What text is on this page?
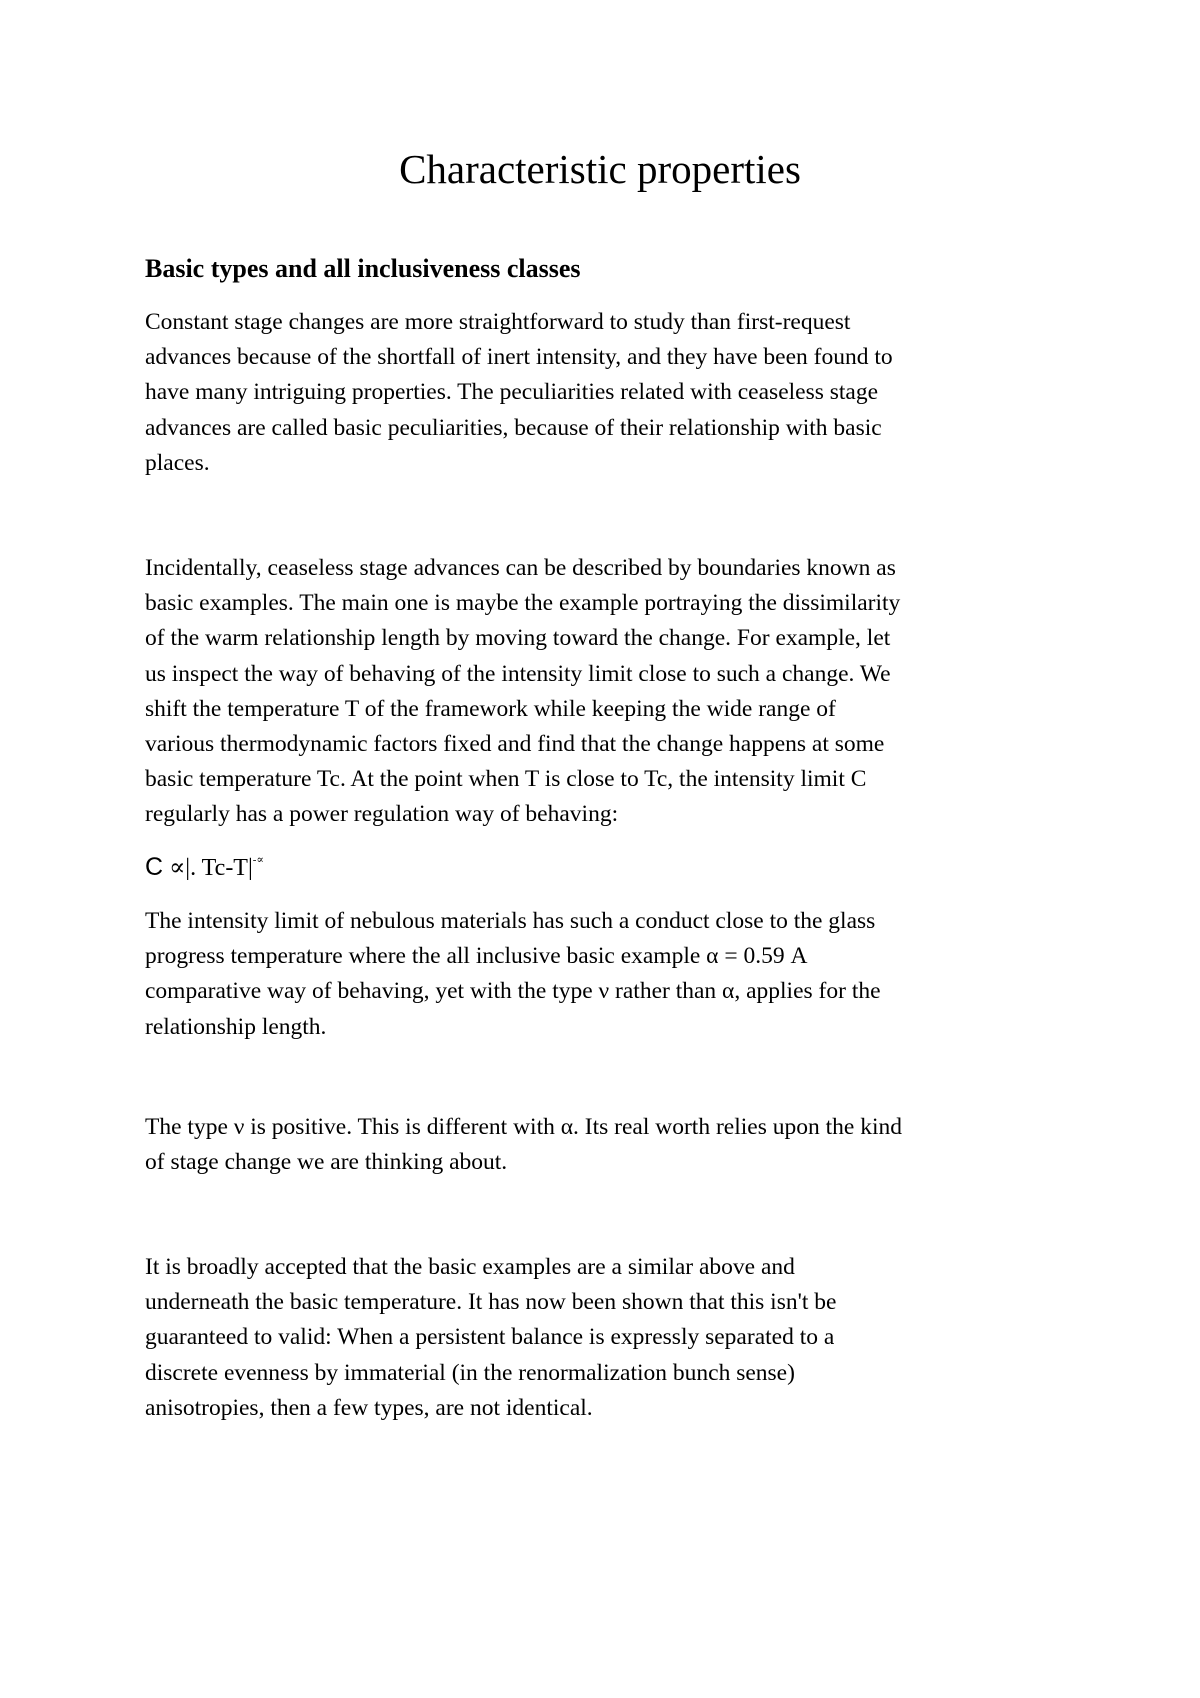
Characteristic properties
Basic types and all inclusiveness classes

Constant stage changes are more straightforward to study than first-request
advances because of the shortfall of inert intensity, and they have been found to
have many intriguing properties. The peculiarities related with ceaseless stage
advances are called basic peculiarities, because of their relationship with basic
places.

Incidentally, ceaseless stage advances can be described by boundaries known as
basic examples. The main one is maybe the example portraying the dissimilarity
of the warm relationship length by moving toward the change. For example, let
us inspect the way of behaving of the intensity limit close to such a change. We
shift the temperature T of the framework while keeping the wide range of
various thermodynamic factors fixed and find that the change happens at some
basic temperature Tc. At the point when T is close to Tc, the intensity limit C
regularly has a power regulation way of behaving:

C ∝|. Tc-T|-∝

The intensity limit of nebulous materials has such a conduct close to the glass
progress temperature where the all inclusive basic example α = 0.59 A
comparative way of behaving, yet with the type ν rather than α, applies for the
relationship length.

The type ν is positive. This is different with α. Its real worth relies upon the kind
of stage change we are thinking about.

It is broadly accepted that the basic examples are a similar above and
underneath the basic temperature. It has now been shown that this isn't be
guaranteed to valid: When a persistent balance is expressly separated to a
discrete evenness by immaterial (in the renormalization bunch sense)
anisotropies, then a few types, are not identical.
